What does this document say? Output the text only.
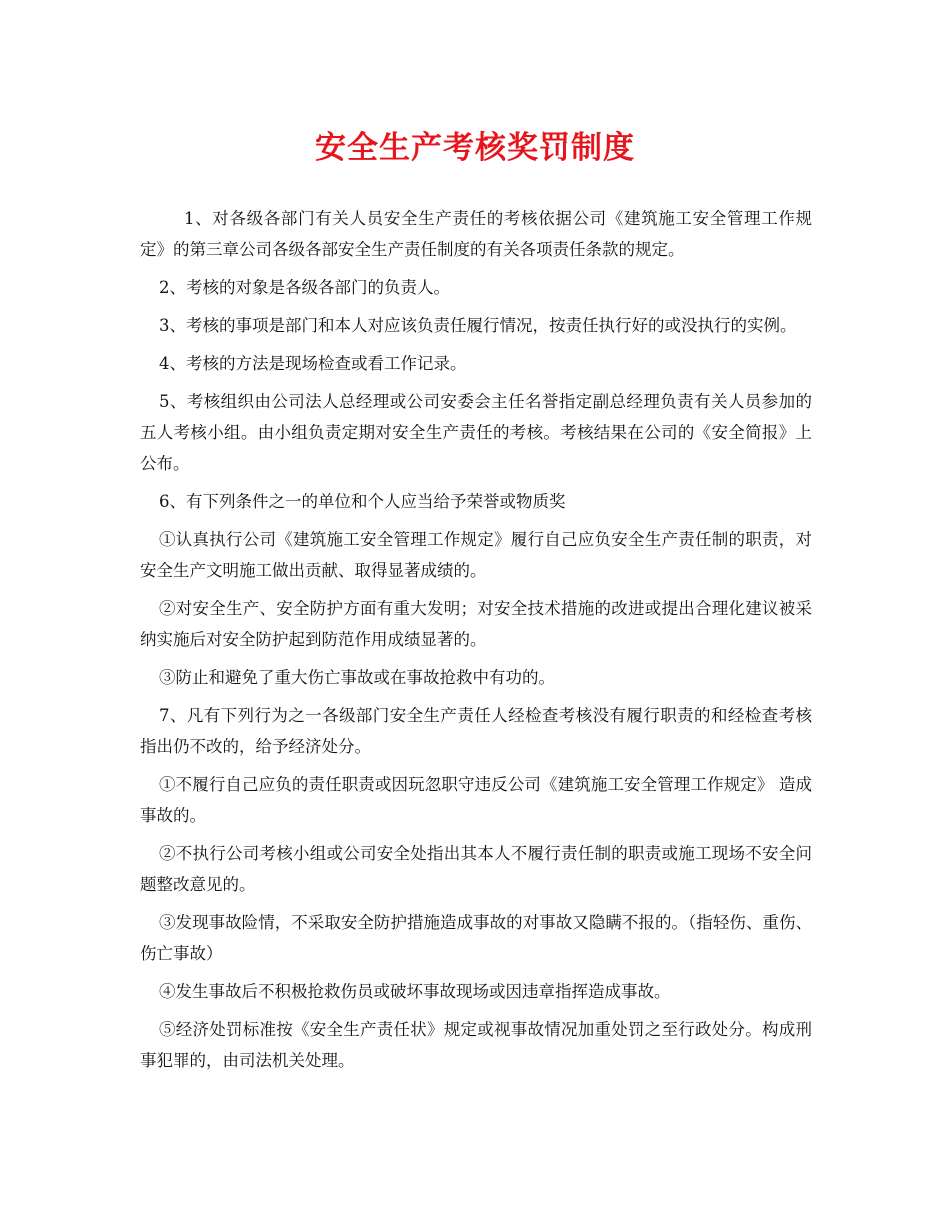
安全生产考核奖罚制度

1、对各级各部门有关人员安全生产责任的考核依据公司《建筑施工安全管理工作规定》的第三章公司各级各部安全生产责任制度的有关各项责任条款的规定。

2、考核的对象是各级各部门的负责人。

3、考核的事项是部门和本人对应该负责任履行情况，按责任执行好的或没执行的实例。

4、考核的方法是现场检查或看工作记录。

5、考核组织由公司法人总经理或公司安委会主任名誉指定副总经理负责有关人员参加的五人考核小组。由小组负责定期对安全生产责任的考核。考核结果在公司的《安全简报》上公布。

6、有下列条件之一的单位和个人应当给予荣誉或物质奖

①认真执行公司《建筑施工安全管理工作规定》履行自己应负安全生产责任制的职责，对安全生产文明施工做出贡献、取得显著成绩的。

②对安全生产、安全防护方面有重大发明；对安全技术措施的改进或提出合理化建议被采纳实施后对安全防护起到防范作用成绩显著的。

③防止和避免了重大伤亡事故或在事故抢救中有功的。

7、凡有下列行为之一各级部门安全生产责任人经检查考核没有履行职责的和经检查考核指出仍不改的，给予经济处分。

①不履行自己应负的责任职责或因玩忽职守违反公司《建筑施工安全管理工作规定》 造成事故的。

②不执行公司考核小组或公司安全处指出其本人不履行责任制的职责或施工现场不安全问题整改意见的。

③发现事故险情，不采取安全防护措施造成事故的对事故又隐瞒不报的。（指轻伤、重伤、伤亡事故）

④发生事故后不积极抢救伤员或破坏事故现场或因违章指挥造成事故。

⑤经济处罚标准按《安全生产责任状》规定或视事故情况加重处罚之至行政处分。构成刑事犯罪的，由司法机关处理。
